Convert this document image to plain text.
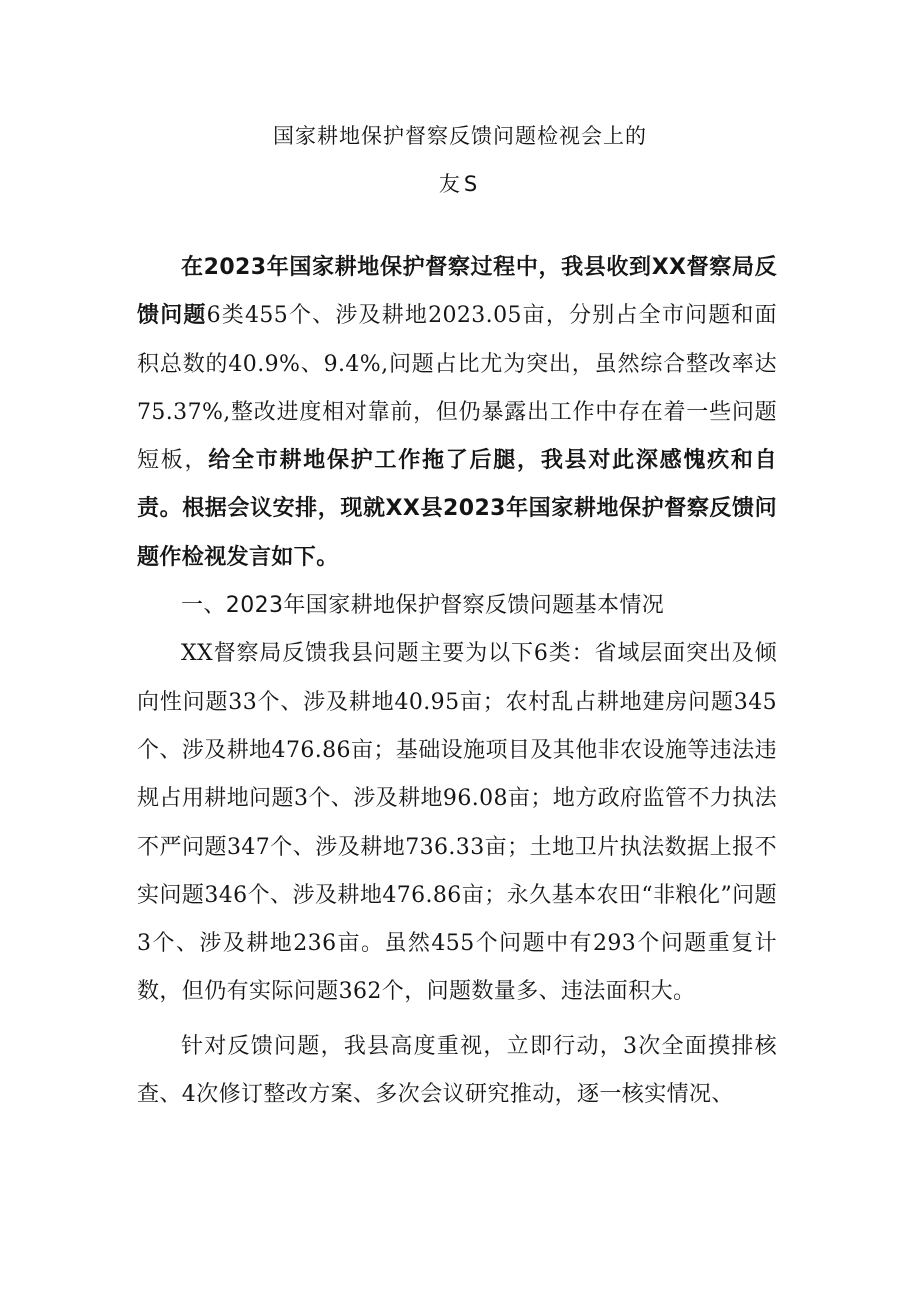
国家耕地保护督察反馈问题检视会上的
友S

在2023年国家耕地保护督察过程中，我县收到XX督察局反馈问题6类455个、涉及耕地2023.05亩，分别占全市问题和面积总数的40.9%、9.4%,问题占比尤为突出，虽然综合整改率达75.37%,整改进度相对靠前，但仍暴露出工作中存在着一些问题短板，给全市耕地保护工作拖了后腿，我县对此深感愧疚和自责。根据会议安排，现就XX县2023年国家耕地保护督察反馈问题作检视发言如下。

一、2023年国家耕地保护督察反馈问题基本情况

XX督察局反馈我县问题主要为以下6类：省域层面突出及倾向性问题33个、涉及耕地40.95亩；农村乱占耕地建房问题345个、涉及耕地476.86亩；基础设施项目及其他非农设施等违法违规占用耕地问题3个、涉及耕地96.08亩；地方政府监管不力执法不严问题347个、涉及耕地736.33亩；土地卫片执法数据上报不实问题346个、涉及耕地476.86亩；永久基本农田“非粮化”问题3个、涉及耕地236亩。虽然455个问题中有293个问题重复计数，但仍有实际问题362个，问题数量多、违法面积大。

针对反馈问题，我县高度重视，立即行动，3次全面摸排核查、4次修订整改方案、多次会议研究推动，逐一核实情况、
